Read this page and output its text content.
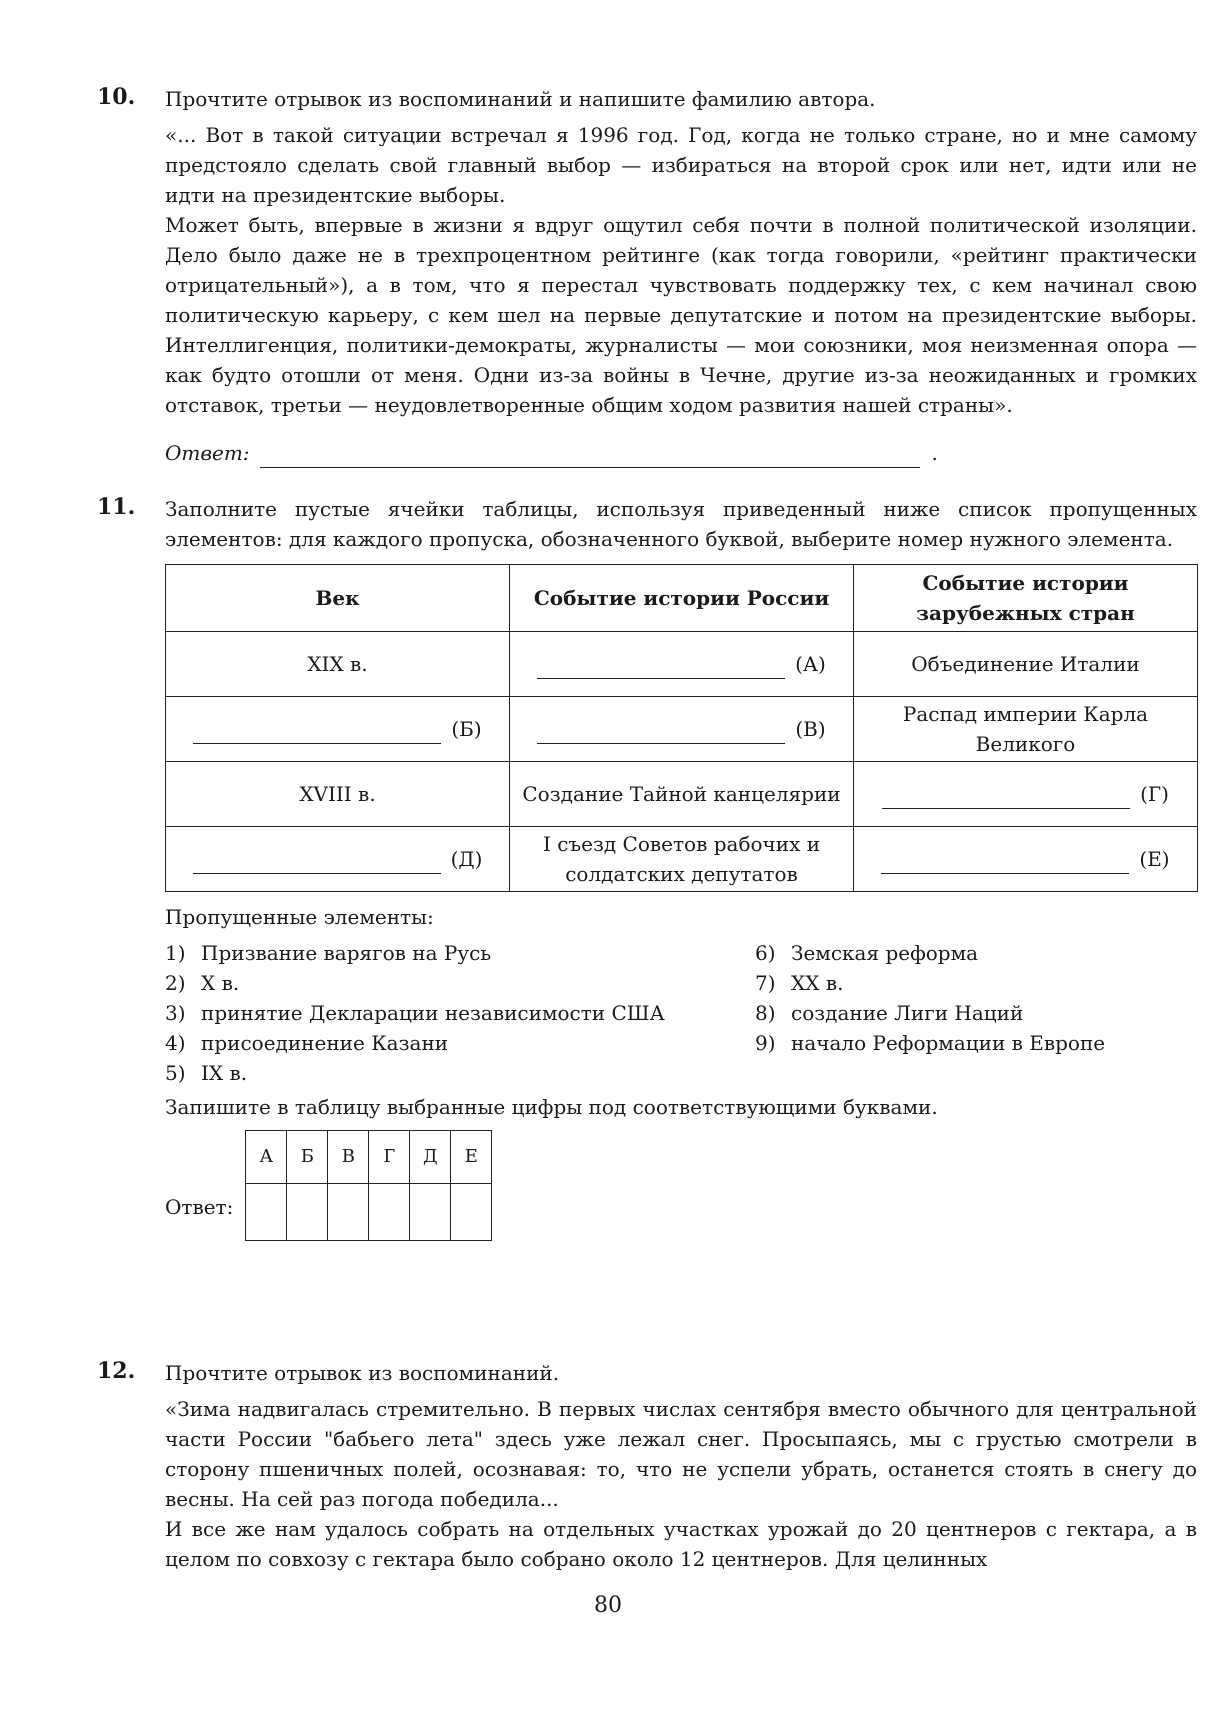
10. Прочтите отрывок из воспоминаний и напишите фамилию автора.

«... Вот в такой ситуации встречал я 1996 год. Год, когда не только стране, но и мне самому предстояло сделать свой главный выбор — избираться на второй срок или нет, идти или не идти на президентские выборы.

Может быть, впервые в жизни я вдруг ощутил себя почти в полной политической изоляции. Дело было даже не в трехпроцентном рейтинге (как тогда говорили, «рейтинг практически отрицательный»), а в том, что я перестал чувствовать поддержку тех, с кем начинал свою политическую карьеру, с кем шел на первые депутатские и потом на президентские выборы. Интеллигенция, политики-демократы, журналисты — мои союзники, моя неизменная опора — как будто отошли от меня. Одни из-за войны в Чечне, другие из-за неожиданных и громких отставок, третьи — неудовлетворенные общим ходом развития нашей страны».

Ответ:	.
11. Заполните пустые ячейки таблицы, используя приведенный ниже список пропущенных элементов: для каждого пропуска, обозначенного буквой, выберите номер нужного элемента.

Век	Событие истории России	Событие истории зарубежных стран
XIX в.	(А)	Объединение Италии

(Б)	(В)	Распад империи Карла Великого
XVIII в.	Создание Тайной канцелярии	(Г)

(Д)	I съезд Советов рабочих и солдатских депутатов	(Е)

Пропущенные элементы:

1) Призвание варягов на Русь
2) X в.
3) принятие Декларации независимости США
4) присоединение Казани
5) IX в.
6) Земская реформа
7) XX в.
8) создание Лиги Наций
9) начало Реформации в Европе

Запишите в таблицу выбранные цифры под соответствующими буквами.

Ответ:
А	Б	В	Г	Д	Е

12. Прочтите отрывок из воспоминаний.

«Зима надвигалась стремительно. В первых числах сентября вместо обычного для центральной части России "бабьего лета" здесь уже лежал снег. Просыпаясь, мы с грустью смотрели в сторону пшеничных полей, осознавая: то, что не успели убрать, останется стоять в снегу до весны. На сей раз погода победила...

И все же нам удалось собрать на отдельных участках урожай до 20 центнеров с гектара, а в целом по совхозу с гектара было собрано около 12 центнеров. Для целинных

80
